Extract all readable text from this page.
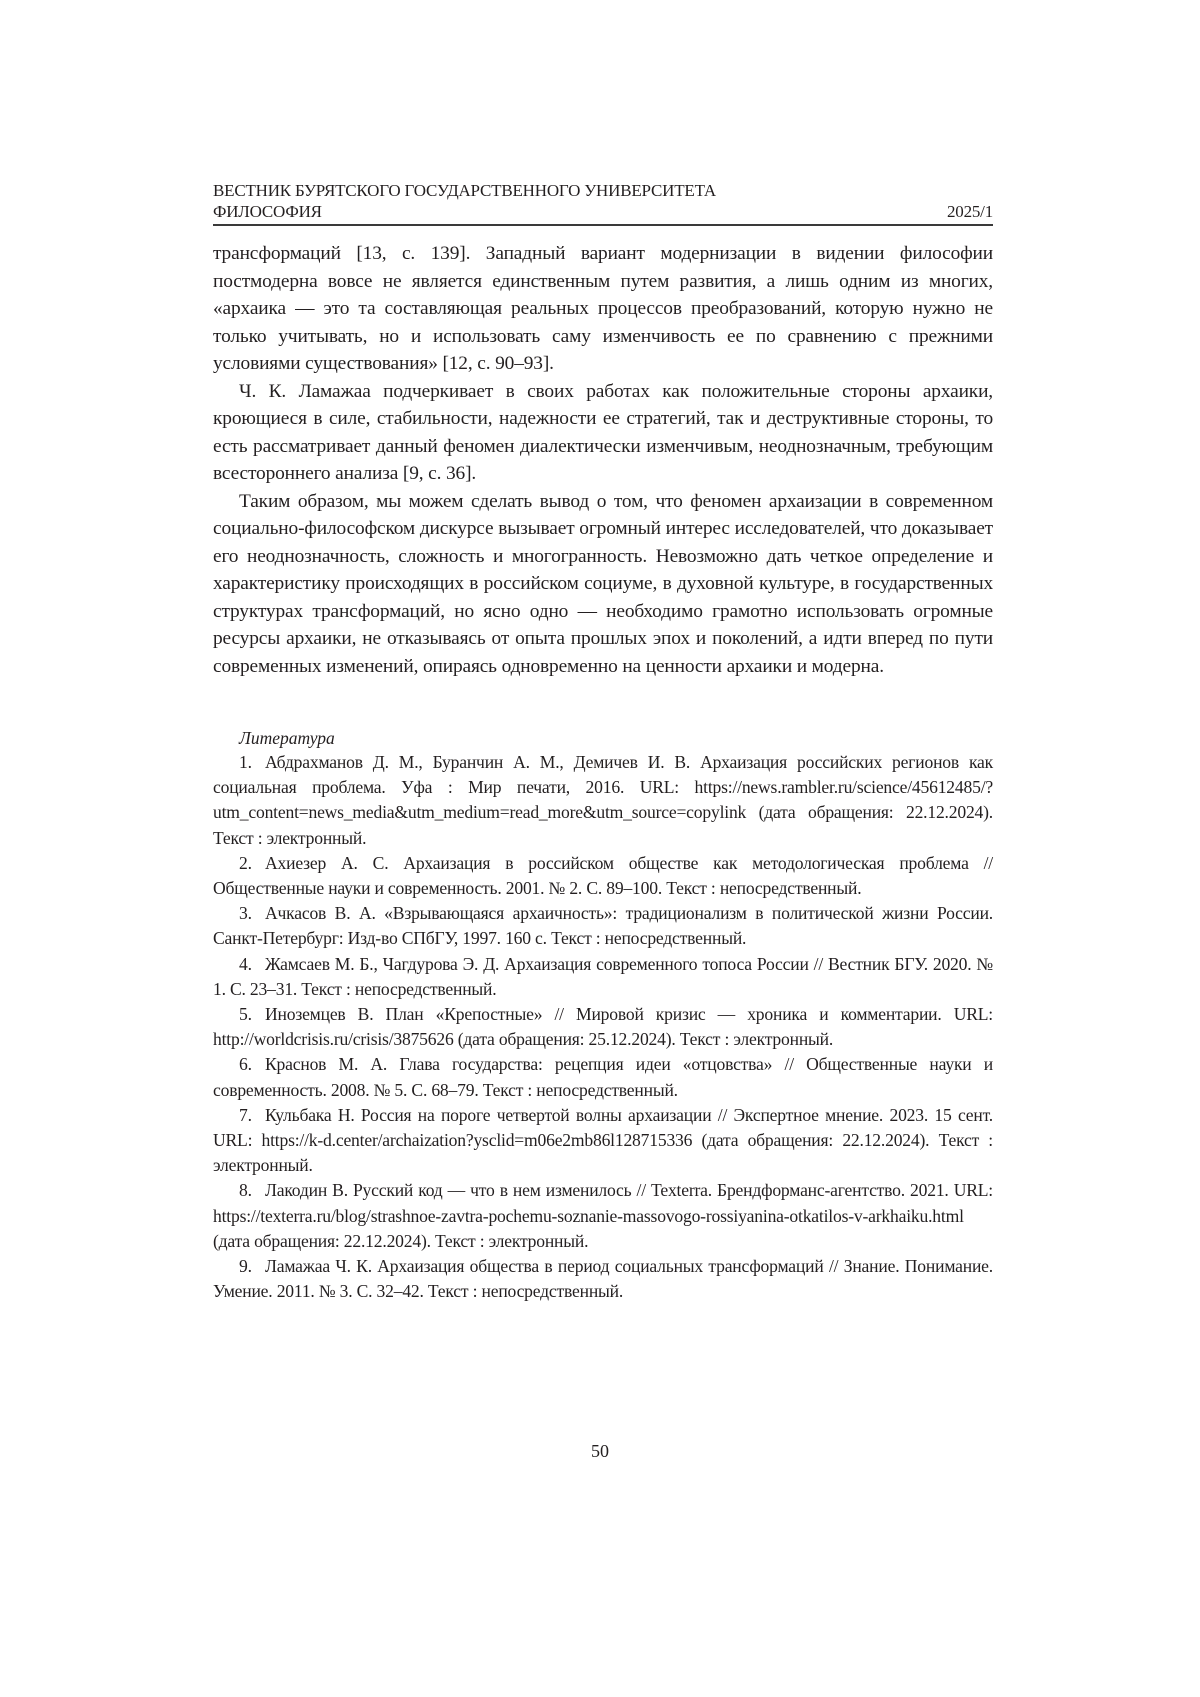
ВЕСТНИК БУРЯТСКОГО ГОСУДАРСТВЕННОГО УНИВЕРСИТЕТА
ФИЛОСОФИЯ	2025/1

трансформаций [13, с. 139]. Западный вариант модернизации в видении философии постмодерна вовсе не является единственным путем развития, а лишь одним из многих, «архаика — это та составляющая реальных процессов преобразований, которую нужно не только учитывать, но и использовать саму изменчивость ее по сравнению с прежними условиями существования» [12, с. 90–93].

Ч. К. Ламажаа подчеркивает в своих работах как положительные стороны архаики, кроющиеся в силе, стабильности, надежности ее стратегий, так и деструктивные стороны, то есть рассматривает данный феномен диалектически изменчивым, неоднозначным, требующим всестороннего анализа [9, с. 36].

Таким образом, мы можем сделать вывод о том, что феномен архаизации в современном социально-философском дискурсе вызывает огромный интерес исследователей, что доказывает его неоднозначность, сложность и многогранность. Невозможно дать четкое определение и характеристику происходящих в российском социуме, в духовной культуре, в государственных структурах трансформаций, но ясно одно — необходимо грамотно использовать огромные ресурсы архаики, не отказываясь от опыта прошлых эпох и поколений, а идти вперед по пути современных изменений, опираясь одновременно на ценности архаики и модерна.

Литература

1. Абдрахманов Д. М., Буранчин А. М., Демичев И. В. Архаизация российских регионов как социальная проблема. Уфа : Мир печати, 2016. URL: https://news.rambler.ru/science/45612485/?utm_content=news_media&utm_medium=read_more&utm_source=copylink (дата обращения: 22.12.2024). Текст : электронный.

2. Ахиезер А. С. Архаизация в российском обществе как методологическая проблема // Общественные науки и современность. 2001. № 2. С. 89–100. Текст : непосредственный.

3. Ачкасов В. А. «Взрывающаяся архаичность»: традиционализм в политической жизни России. Санкт-Петербург: Изд-во СПбГУ, 1997. 160 с. Текст : непосредственный.

4. Жамсаев М. Б., Чагдурова Э. Д. Архаизация современного топоса России // Вестник БГУ. 2020. № 1. С. 23–31. Текст : непосредственный.

5. Иноземцев В. План «Крепостные» // Мировой кризис — хроника и комментарии. URL: http://worldcrisis.ru/crisis/3875626 (дата обращения: 25.12.2024). Текст : электронный.

6. Краснов М. А. Глава государства: рецепция идеи «отцовства» // Общественные науки и современность. 2008. № 5. С. 68–79. Текст : непосредственный.

7. Кульбака Н. Россия на пороге четвертой волны архаизации // Экспертное мнение. 2023. 15 сент. URL: https://k-d.center/archaization?ysclid=m06e2mb86l128715336 (дата обращения: 22.12.2024). Текст : электронный.

8. Лакодин В. Русский код — что в нем изменилось // Texterra. Брендформанс-агентство. 2021. URL: https://texterra.ru/blog/strashnoe-zavtra-pochemu-soznanie-massovogo-rossiyanina-otkatilos-v-arkhaiku.html (дата обращения: 22.12.2024). Текст : электронный.

9. Ламажаа Ч. К. Архаизация общества в период социальных трансформаций // Знание. Понимание. Умение. 2011. № 3. С. 32–42. Текст : непосредственный.

50
